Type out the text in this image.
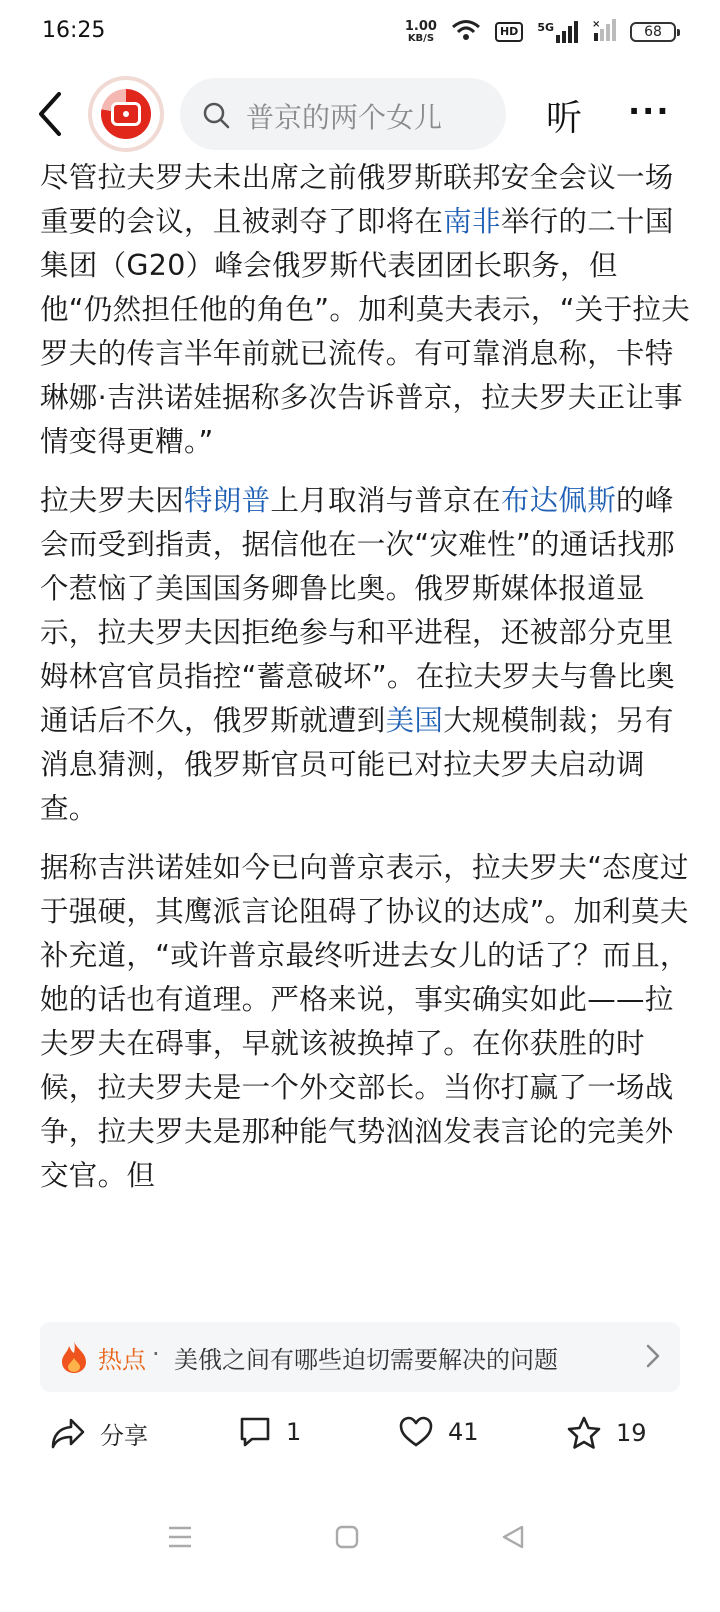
16:25	1.00
KB/S
HD	5G	×	68
普京的两个女儿	听 ···

尽管拉夫罗夫未出席之前俄罗斯联邦安全会议一场重要的会议，且被剥夺了即将在南非举行的二十国集团（G20）峰会俄罗斯代表团团长职务，但他“仍然担任他的角色”。加利莫夫表示，“关于拉夫罗夫的传言半年前就已流传。有可靠消息称，卡特琳娜·吉洪诺娃据称多次告诉普京，拉夫罗夫正让事情变得更糟。”

拉夫罗夫因特朗普上月取消与普京在布达佩斯的峰会而受到指责，据信他在一次“灾难性”的通话找那个惹恼了美国国务卿鲁比奥。俄罗斯媒体报道显示，拉夫罗夫因拒绝参与和平进程，还被部分克里姆林宫官员指控“蓄意破坏”。在拉夫罗夫与鲁比奥通话后不久，俄罗斯就遭到美国大规模制裁；另有消息猜测，俄罗斯官员可能已对拉夫罗夫启动调查。

据称吉洪诺娃如今已向普京表示，拉夫罗夫“态度过于强硬，其鹰派言论阻碍了协议的达成”。加利莫夫补充道，“或许普京最终听进去女儿的话了？而且，她的话也有道理。严格来说，事实确实如此——拉夫罗夫在碍事，早就该被换掉了。在你获胜的时候，拉夫罗夫是一个外交部长。当你打赢了一场战争，拉夫罗夫是那种能气势汹汹发表言论的完美外交官。但

热点 · 美俄之间有哪些迫切需要解决的问题
分享	1	41	19
